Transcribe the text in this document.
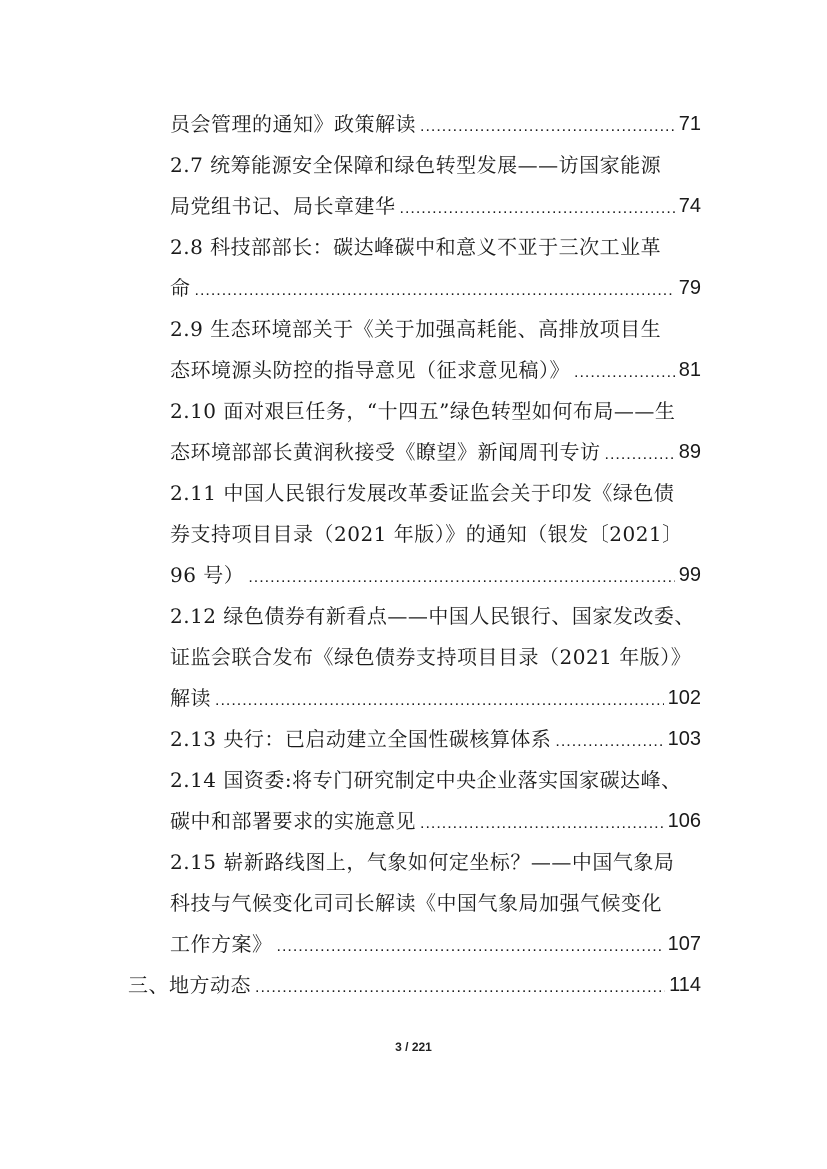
员会管理的通知》政策解读 .....	71
2.7 统筹能源安全保障和绿色转型发展——访国家能源
局党组书记、局长章建华 .....	74
2.8 科技部部长：碳达峰碳中和意义不亚于三次工业革
命 .....	79
2.9 生态环境部关于《关于加强高耗能、高排放项目生
态环境源头防控的指导意见（征求意见稿）》 .....	81
2.10 面对艰巨任务，“十四五”绿色转型如何布局——生
态环境部部长黄润秋接受《瞭望》新闻周刊专访 .....	89
2.11 中国人民银行发展改革委证监会关于印发《绿色债
券支持项目目录（2021 年版）》的通知（银发〔2021〕
96 号） .....	99
2.12 绿色债券有新看点——中国人民银行、国家发改委、
证监会联合发布《绿色债券支持项目目录（2021 年版）》
解读 .....	102
2.13 央行：已启动建立全国性碳核算体系 .....	103
2.14 国资委:将专门研究制定中央企业落实国家碳达峰、
碳中和部署要求的实施意见 .....	106
2.15 崭新路线图上，气象如何定坐标？——中国气象局
科技与气候变化司司长解读《中国气象局加强气候变化
工作方案》 .....	107
三、地方动态 .....	114
3 / 221
